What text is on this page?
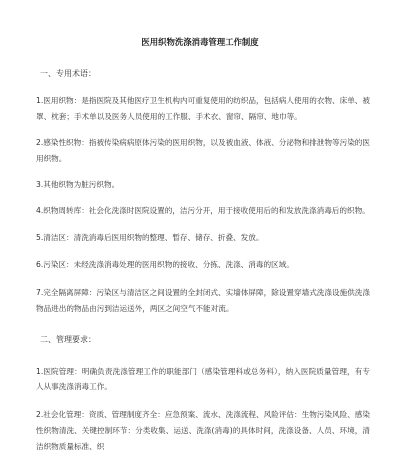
医用织物洗涤消毒管理工作制度
一、专用术语：
1.医用织物：是指医院及其他医疗卫生机构内可重复使用的纺织品，包括病人使用的衣物、床单、被罩、枕套；手术单以及医务人员使用的工作服、手术衣、窗帘、隔帘、地巾等。
2.感染性织物：指被传染病病原体污染的医用织物，以及被血液、体液、分泌物和排泄物等污染的医用织物。
3.其他织物为脏污织物。
4.织物周转库：社会化洗涤时医院设置的，洁污分开，用于接收使用后的和发放洗涤消毒后的织物。
5.清洁区：清洗消毒后医用织物的整理、暂存、储存、折叠、发放。
6.污染区：未经洗涤消毒处理的医用织物的接收、分拣、洗涤、消毒的区域。
7.完全隔离屏障：污染区与清洁区之间设置的全封闭式、实墙体屏障，除设置穿墙式洗涤设施供洗涤物品进出的物品由污到洁运送外，两区之间空气不能对流。
二、管理要求：
1.医院管理：明确负责洗涤管理工作的职能部门（感染管理科或总务科），纳入医院质量管理，有专人从事洗涤消毒工作。
2.社会化管理：资质、管理制度齐全：应急预案、流水、洗涤流程、风险评估：生物污染风险、感染性织物清洗、关键控制环节：分类收集、运送、洗涤(消毒)的具体时间，洗涤设备、人员、环境，清洁织物质量标准、织
